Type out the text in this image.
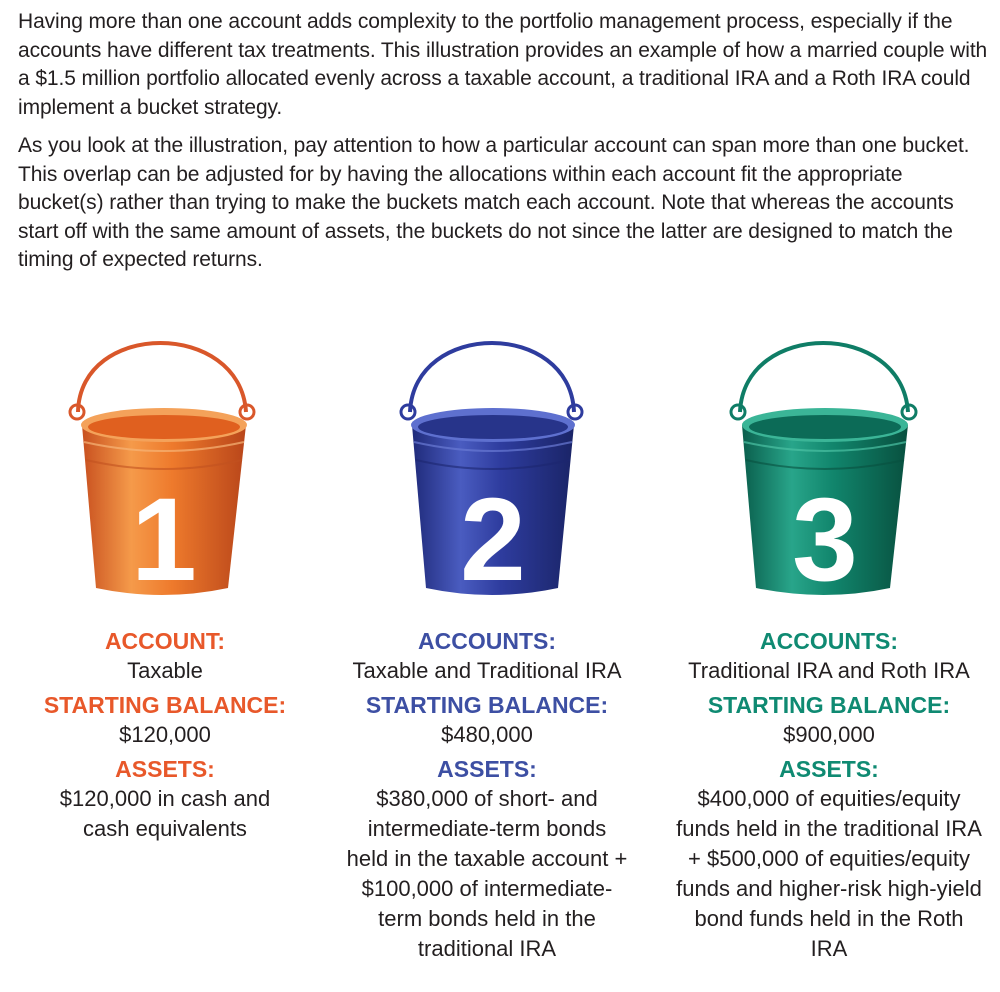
Having more than one account adds complexity to the portfolio management process, especially if the accounts have different tax treatments. This illustration provides an example of how a married couple with a $1.5 million portfolio allocated evenly across a taxable account, a traditional IRA and a Roth IRA could implement a bucket strategy.

As you look at the illustration, pay attention to how a particular account can span more than one bucket. This overlap can be adjusted for by having the allocations within each account fit the appropriate bucket(s) rather than trying to make the buckets match each account. Note that whereas the accounts start off with the same amount of assets, the buckets do not since the latter are designed to match the timing of expected returns.

1
ACCOUNT:
Taxable
STARTING BALANCE:
$120,000
ASSETS:
$120,000 in cash and cash equivalents
2
ACCOUNTS:
Taxable and Traditional IRA
STARTING BALANCE:
$480,000
ASSETS:
$380,000 of short- and intermediate-term bonds held in the taxable account + $100,000 of intermediate-term bonds held in the traditional IRA
3
ACCOUNTS:
Traditional IRA and Roth IRA
STARTING BALANCE:
$900,000
ASSETS:
$400,000 of equities/equity funds held in the traditional IRA + $500,000 of equities/equity funds and higher-risk high-yield bond funds held in the Roth IRA
